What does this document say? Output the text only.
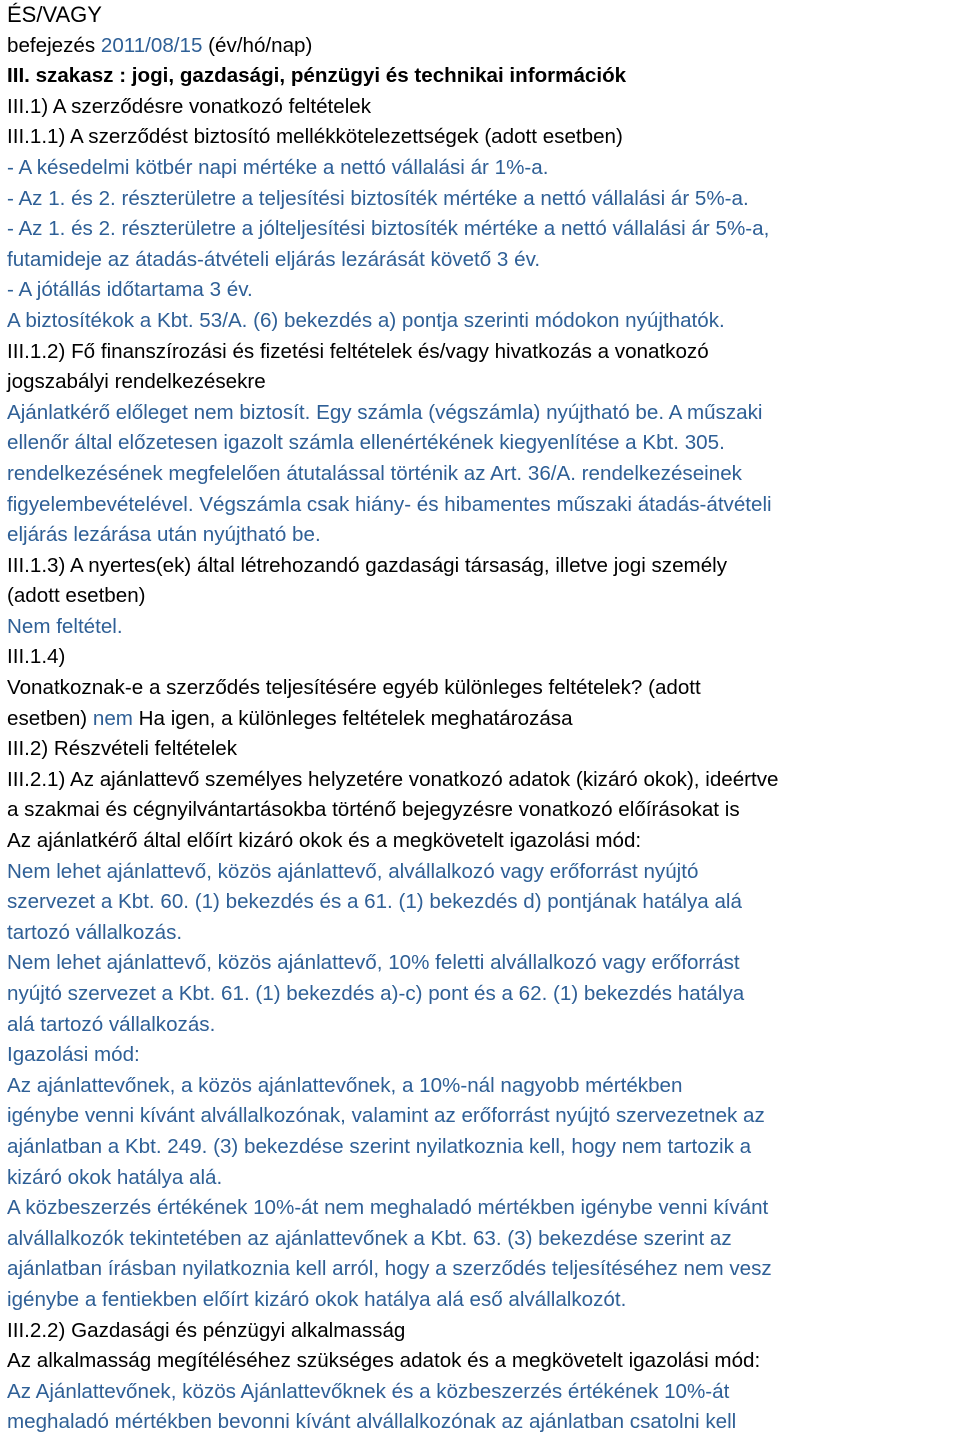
ÉS/VAGY
befejezés 2011/08/15 (év/hó/nap)
III. szakasz : jogi, gazdasági, pénzügyi és technikai információk
III.1) A szerződésre vonatkozó feltételek
III.1.1) A szerződést biztosító mellékkötelezettségek (adott esetben)
- A késedelmi kötbér napi mértéke a nettó vállalási ár 1%-a.
- Az 1. és 2. részterületre a teljesítési biztosíték mértéke a nettó vállalási ár 5%-a.
- Az 1. és 2. részterületre a jólteljesítési biztosíték mértéke a nettó vállalási ár 5%-a,
futamideje az átadás-átvételi eljárás lezárását követő 3 év.
- A jótállás időtartama 3 év.
A biztosítékok a Kbt. 53/A. (6) bekezdés a) pontja szerinti módokon nyújthatók.
III.1.2) Fő finanszírozási és fizetési feltételek és/vagy hivatkozás a vonatkozó
jogszabályi rendelkezésekre
Ajánlatkérő előleget nem biztosít. Egy számla (végszámla) nyújtható be. A műszaki
ellenőr által előzetesen igazolt számla ellenértékének kiegyenlítése a Kbt. 305.
rendelkezésének megfelelően átutalással történik az Art. 36/A. rendelkezéseinek
figyelembevételével. Végszámla csak hiány- és hibamentes műszaki átadás-átvételi
eljárás lezárása után nyújtható be.
III.1.3) A nyertes(ek) által létrehozandó gazdasági társaság, illetve jogi személy
(adott esetben)
Nem feltétel.
III.1.4)
Vonatkoznak-e a szerződés teljesítésére egyéb különleges feltételek? (adott
esetben) nem Ha igen, a különleges feltételek meghatározása
III.2) Részvételi feltételek
III.2.1) Az ajánlattevő személyes helyzetére vonatkozó adatok (kizáró okok), ideértve
a szakmai és cégnyilvántartásokba történő bejegyzésre vonatkozó előírásokat is
Az ajánlatkérő által előírt kizáró okok és a megkövetelt igazolási mód:
Nem lehet ajánlattevő, közös ajánlattevő, alvállalkozó vagy erőforrást nyújtó
szervezet a Kbt. 60. (1) bekezdés és a 61. (1) bekezdés d) pontjának hatálya alá
tartozó vállalkozás.
Nem lehet ajánlattevő, közös ajánlattevő, 10% feletti alvállalkozó vagy erőforrást
nyújtó szervezet a Kbt. 61. (1) bekezdés a)-c) pont és a 62. (1) bekezdés hatálya
alá tartozó vállalkozás.
Igazolási mód:
Az ajánlattevőnek, a közös ajánlattevőnek, a 10%-nál nagyobb mértékben
igénybe venni kívánt alvállalkozónak, valamint az erőforrást nyújtó szervezetnek az
ajánlatban a Kbt. 249. (3) bekezdése szerint nyilatkoznia kell, hogy nem tartozik a
kizáró okok hatálya alá.
A közbeszerzés értékének 10%-át nem meghaladó mértékben igénybe venni kívánt
alvállalkozók tekintetében az ajánlattevőnek a Kbt. 63. (3) bekezdése szerint az
ajánlatban írásban nyilatkoznia kell arról, hogy a szerződés teljesítéséhez nem vesz
igénybe a fentiekben előírt kizáró okok hatálya alá eső alvállalkozót.
III.2.2) Gazdasági és pénzügyi alkalmasság
Az alkalmasság megítéléséhez szükséges adatok és a megkövetelt igazolási mód:
Az Ajánlattevőnek, közös Ajánlattevőknek és a közbeszerzés értékének 10%-át
meghaladó mértékben bevonni kívánt alvállalkozónak az ajánlatban csatolni kell
